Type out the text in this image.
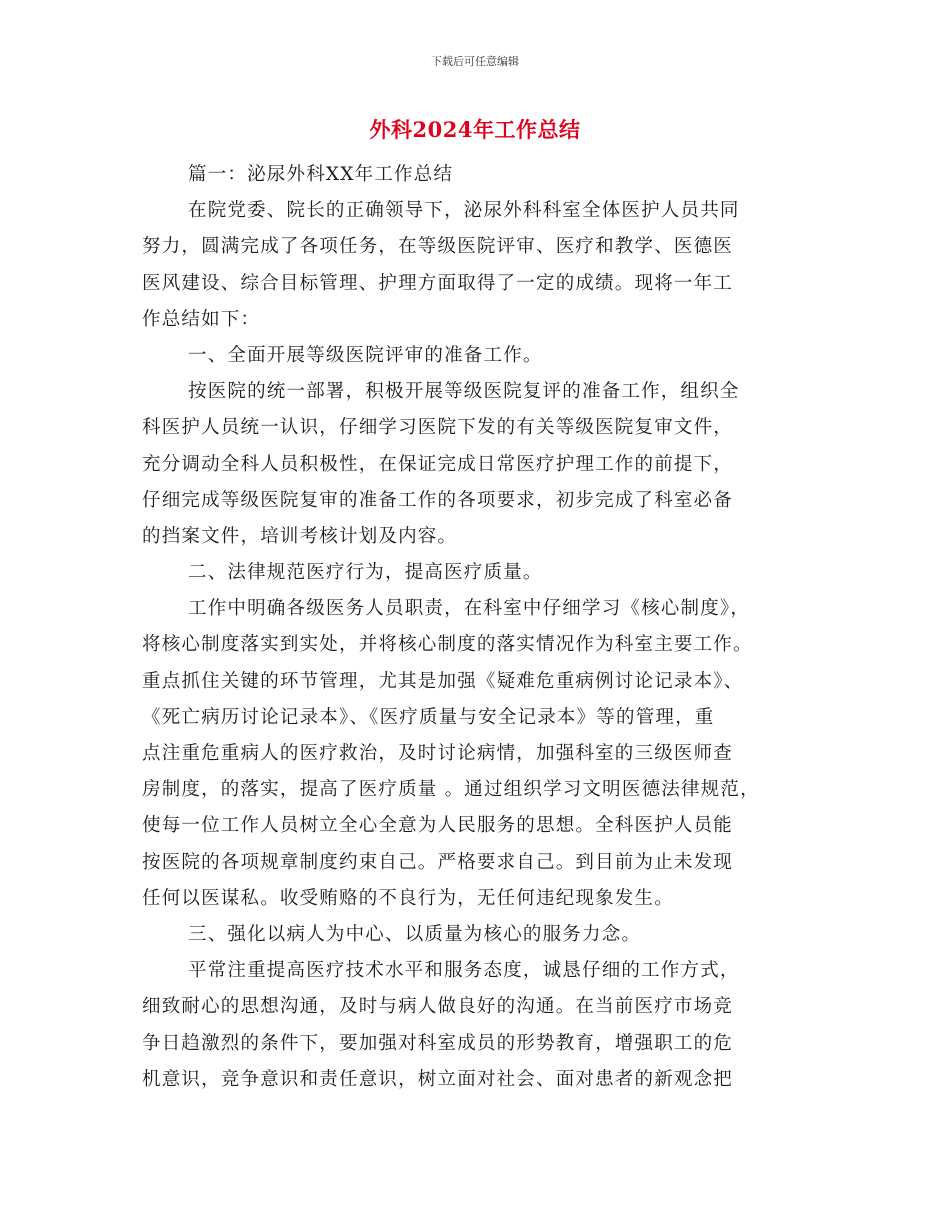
下载后可任意编辑
外科2024年工作总结
篇一：泌尿外科XX年工作总结
在院党委、院长的正确领导下，泌尿外科科室全体医护人员共同
努力，圆满完成了各项任务，在等级医院评审、医疗和教学、医德医
医风建设、综合目标管理、护理方面取得了一定的成绩。现将一年工
作总结如下：
一、全面开展等级医院评审的准备工作。
按医院的统一部署，积极开展等级医院复评的准备工作，组织全
科医护人员统一认识，仔细学习医院下发的有关等级医院复审文件，
充分调动全科人员积极性，在保证完成日常医疗护理工作的前提下，
仔细完成等级医院复审的准备工作的各项要求，初步完成了科室必备
的挡案文件，培训考核计划及内容。
二、法律规范医疗行为，提高医疗质量。
工作中明确各级医务人员职责，在科室中仔细学习《核心制度》，
将核心制度落实到实处，并将核心制度的落实情况作为科室主要工作。
重点抓住关键的环节管理，尤其是加强《疑难危重病例讨论记录本》、
《死亡病历讨论记录本》、《医疗质量与安全记录本》等的管理，重
点注重危重病人的医疗救治，及时讨论病情，加强科室的三级医师查
房制度，的落实，提高了医疗质量 。通过组织学习文明医德法律规范，
使每一位工作人员树立全心全意为人民服务的思想。全科医护人员能
按医院的各项规章制度约束自己。严格要求自己。到目前为止未发现
任何以医谋私。收受贿赂的不良行为，无任何违纪现象发生。
三、强化以病人为中心、以质量为核心的服务力念。
平常注重提高医疗技术水平和服务态度，诚恳仔细的工作方式，
细致耐心的思想沟通，及时与病人做良好的沟通。在当前医疗市场竞
争日趋激烈的条件下，要加强对科室成员的形势教育，增强职工的危
机意识，竞争意识和责任意识，树立面对社会、面对患者的新观念把
